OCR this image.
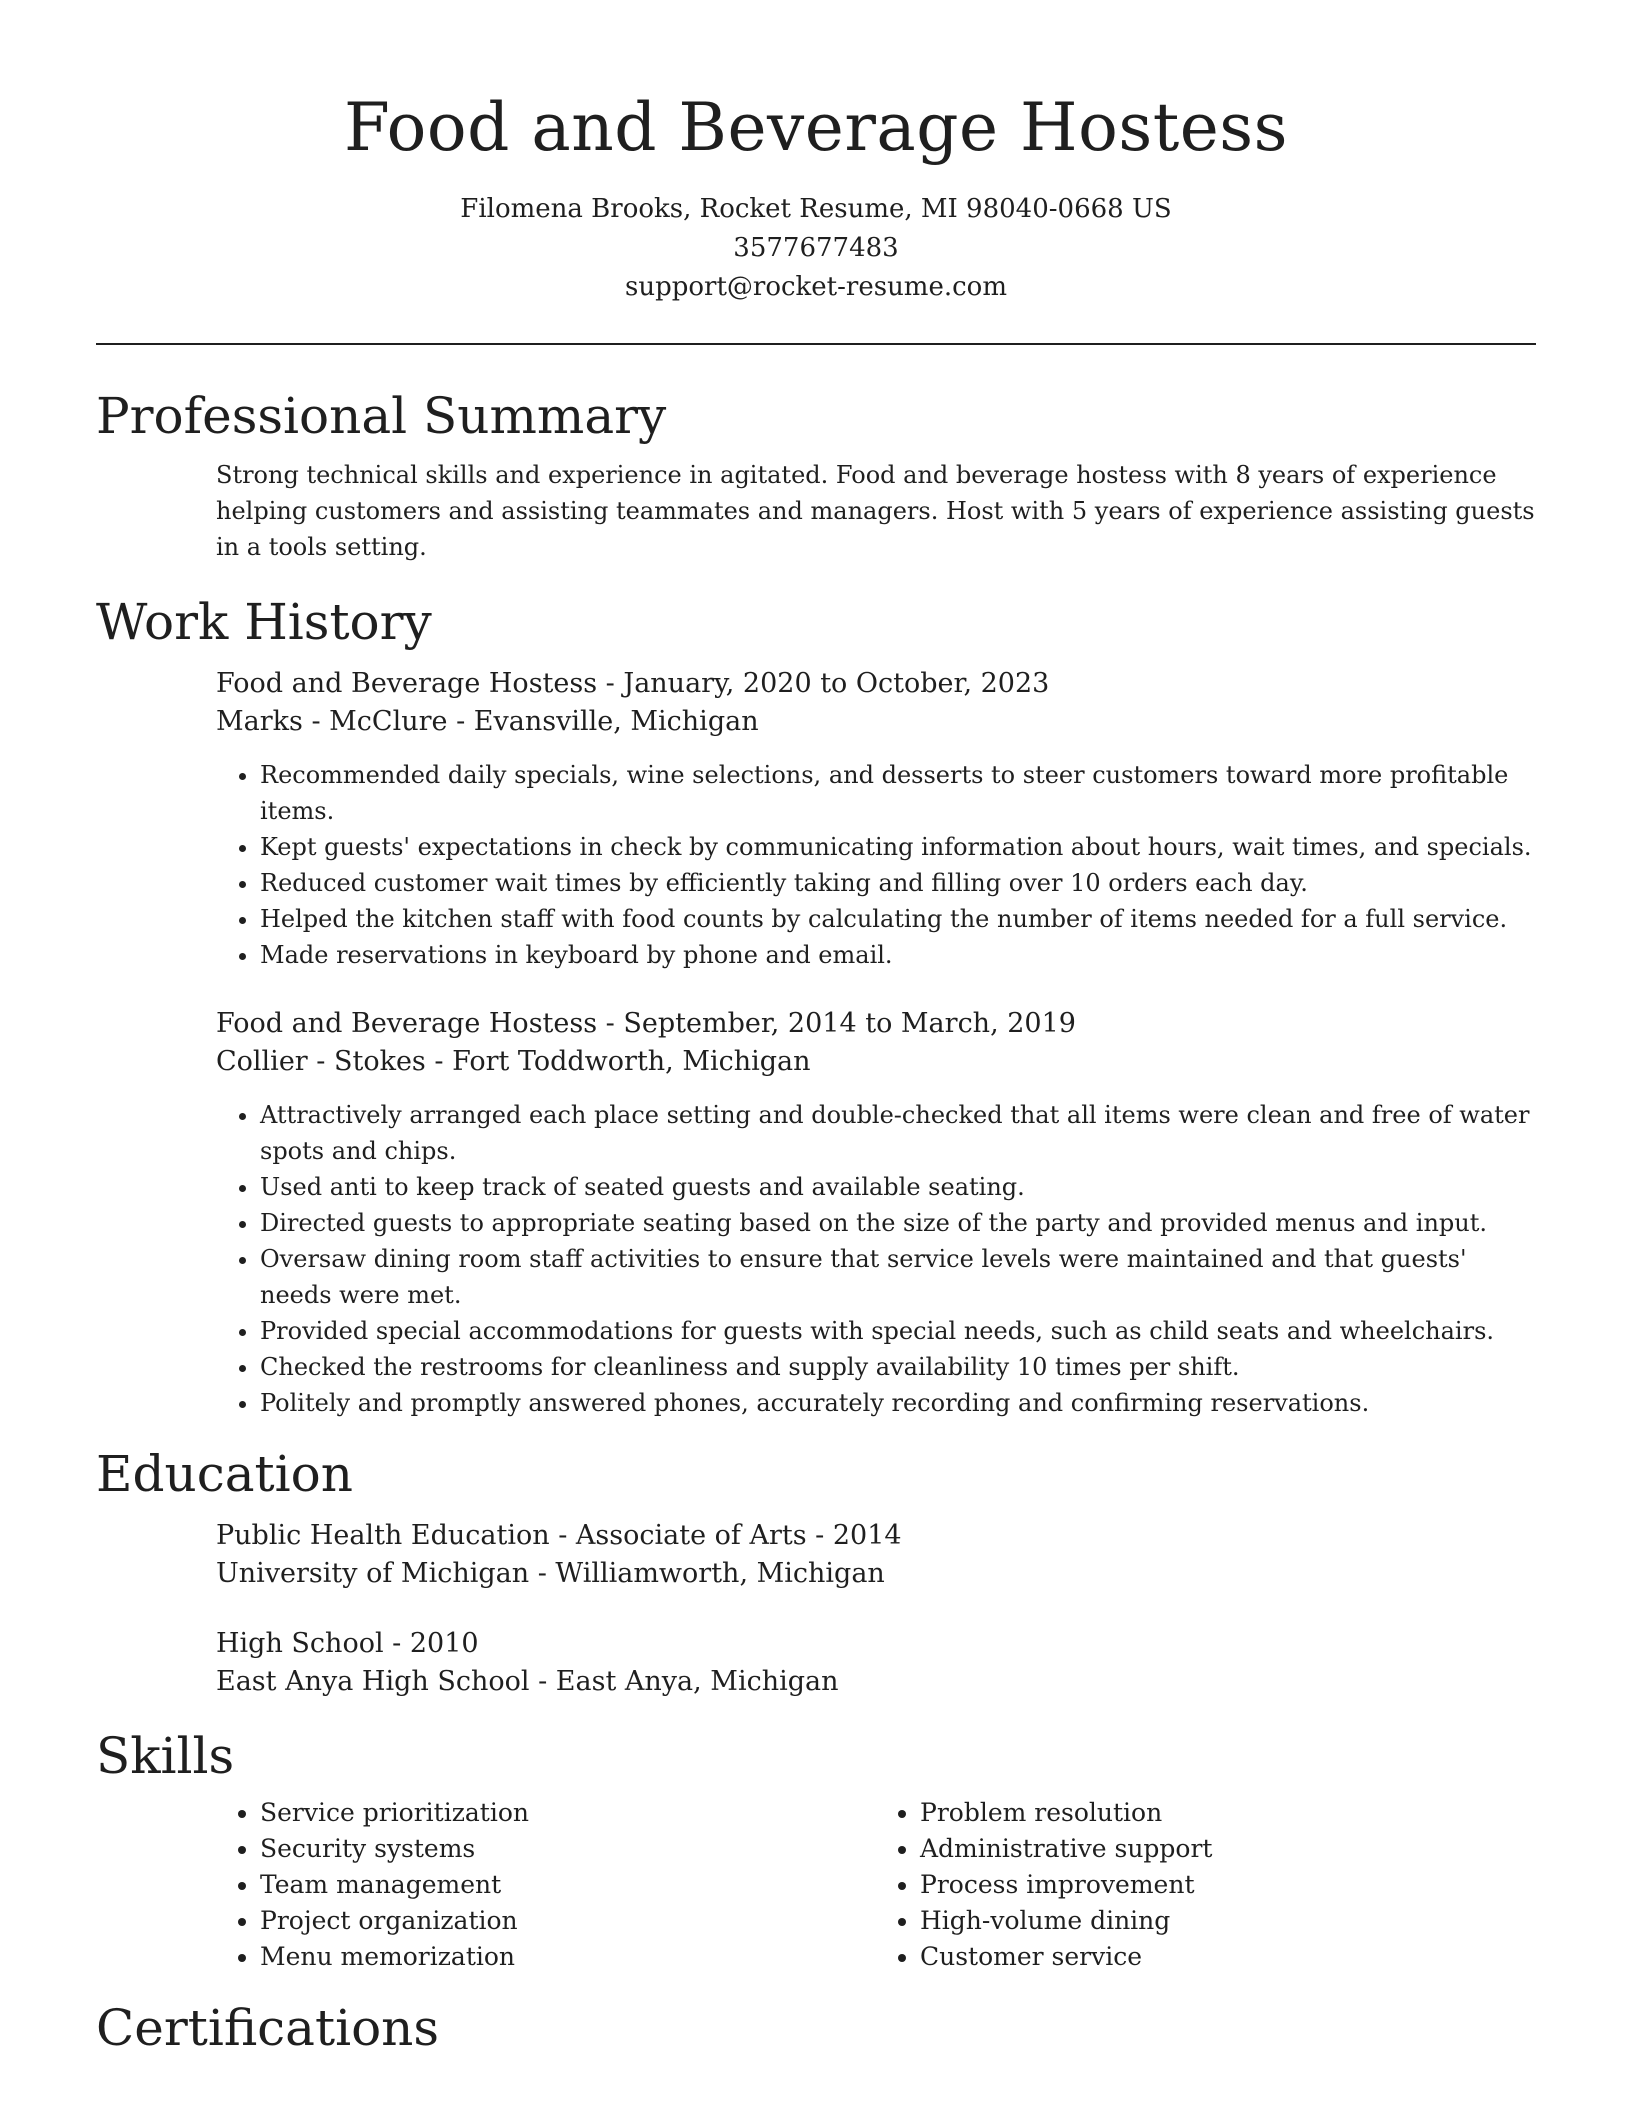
Food and Beverage Hostess
Filomena Brooks, Rocket Resume, MI 98040-0668 US
3577677483
support@rocket-resume.com
Professional Summary

Strong technical skills and experience in agitated. Food and beverage hostess with 8 years of experience helping customers and assisting teammates and managers. Host with 5 years of experience assisting guests in a tools setting.

Work History
Food and Beverage Hostess - January, 2020 to October, 2023
Marks - McClure - Evansville, Michigan
• Recommended daily specials, wine selections, and desserts to steer customers toward more profitable items.
• Kept guests' expectations in check by communicating information about hours, wait times, and specials.
• Reduced customer wait times by efficiently taking and filling over 10 orders each day.
• Helped the kitchen staff with food counts by calculating the number of items needed for a full service.
• Made reservations in keyboard by phone and email.
Food and Beverage Hostess - September, 2014 to March, 2019
Collier - Stokes - Fort Toddworth, Michigan
• Attractively arranged each place setting and double-checked that all items were clean and free of water spots and chips.
• Used anti to keep track of seated guests and available seating.
• Directed guests to appropriate seating based on the size of the party and provided menus and input.
• Oversaw dining room staff activities to ensure that service levels were maintained and that guests' needs were met.
• Provided special accommodations for guests with special needs, such as child seats and wheelchairs.
• Checked the restrooms for cleanliness and supply availability 10 times per shift.
• Politely and promptly answered phones, accurately recording and confirming reservations.
Education
Public Health Education - Associate of Arts - 2014
University of Michigan - Williamworth, Michigan
High School - 2010
East Anya High School - East Anya, Michigan
Skills
• Service prioritization
• Security systems
• Team management
• Project organization
• Menu memorization
• Problem resolution
• Administrative support
• Process improvement
• High-volume dining
• Customer service
Certifications
